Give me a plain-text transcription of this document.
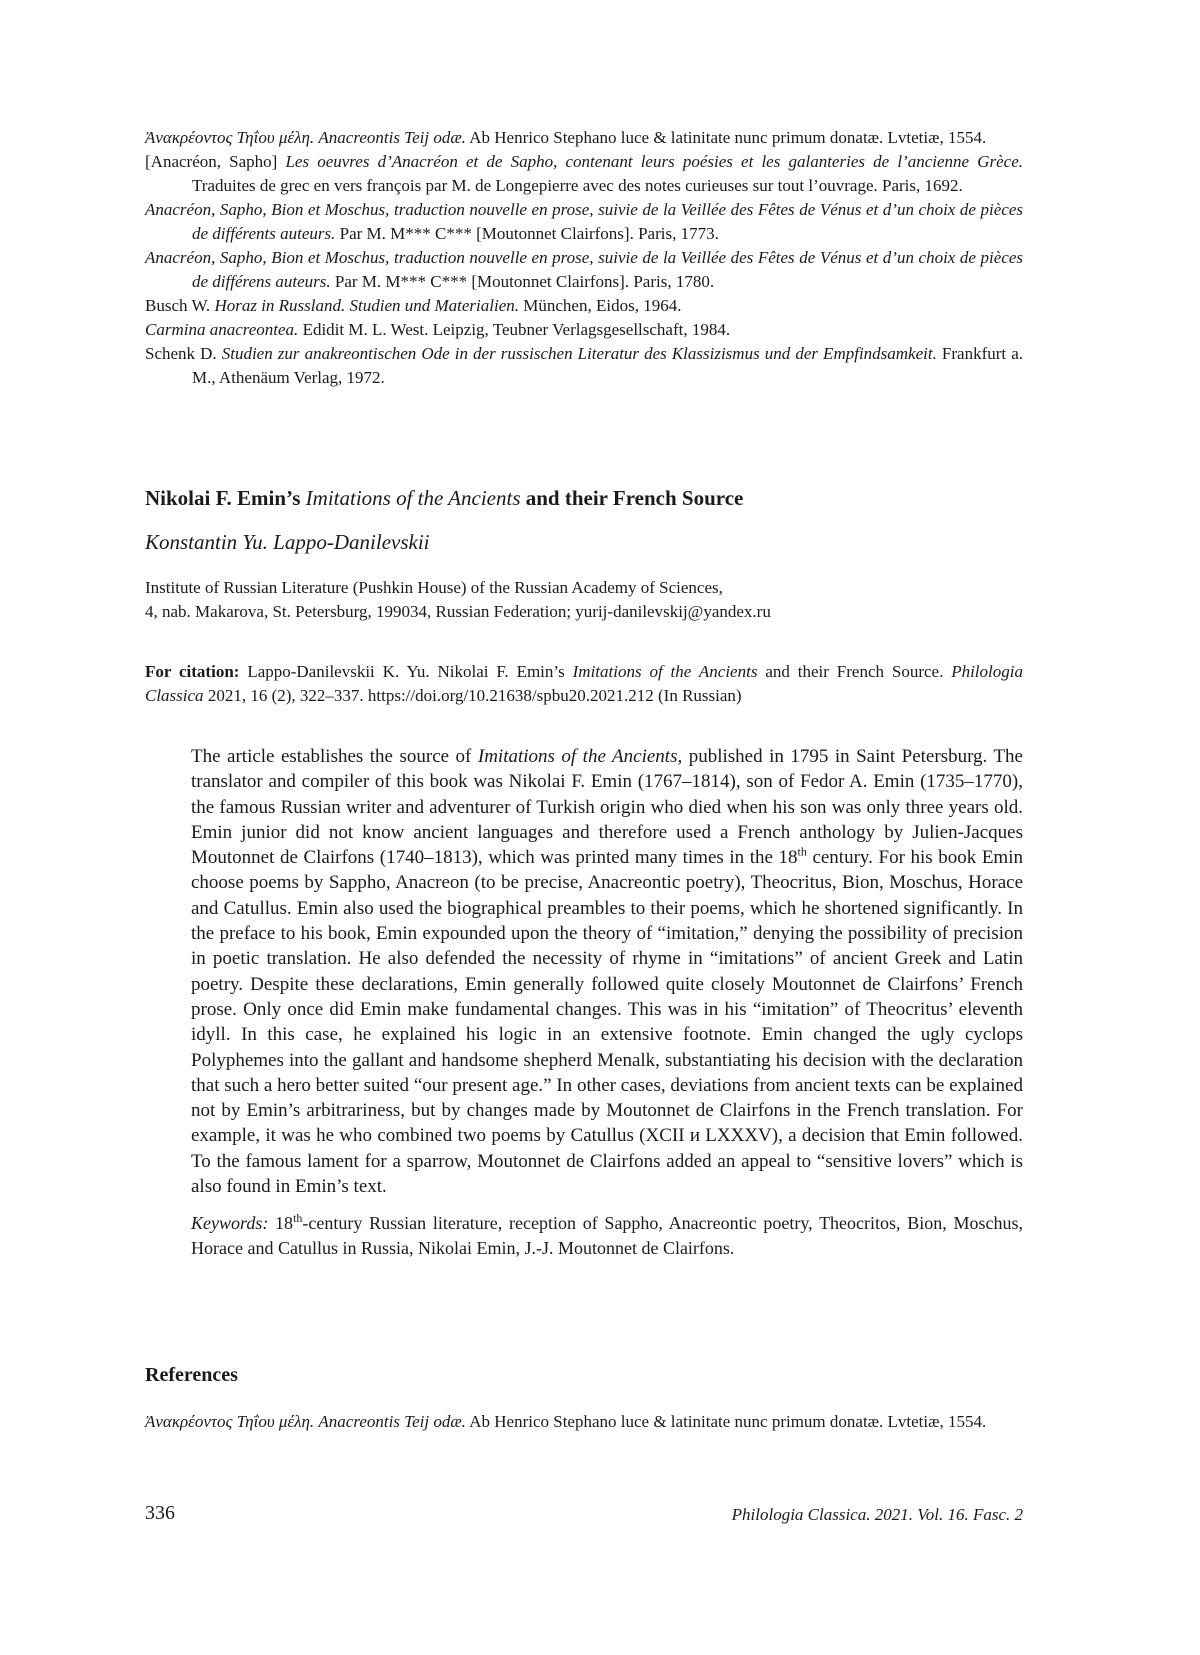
Ἀνακρέοντος Τηΐου μέλη. Anacreontis Teij odæ. Ab Henrico Stephano luce & latinitate nunc primum donatæ. Lvtetiæ, 1554.

[Anacréon, Sapho] Les oeuvres d’Anacréon et de Sapho, contenant leurs poésies et les galanteries de l’ancienne Grèce. Traduites de grec en vers françois par M. de Longepierre avec des notes curieuses sur tout l’ouvrage. Paris, 1692.

Anacréon, Sapho, Bion et Moschus, traduction nouvelle en prose, suivie de la Veillée des Fêtes de Vénus et d’un choix de pièces de différents auteurs. Par M. M*** C*** [Moutonnet Clairfons]. Paris, 1773.

Anacréon, Sapho, Bion et Moschus, traduction nouvelle en prose, suivie de la Veillée des Fêtes de Vénus et d’un choix de pièces de différens auteurs. Par M. M*** C*** [Moutonnet Clairfons]. Paris, 1780.

Busch W. Horaz in Russland. Studien und Materialien. München, Eidos, 1964.

Carmina anacreontea. Edidit M. L. West. Leipzig, Teubner Verlagsgesellschaft, 1984.

Schenk D. Studien zur anakreontischen Ode in der russischen Literatur des Klassizismus und der Empfindsamkeit. Frankfurt a. M., Athenäum Verlag, 1972.

Nikolai F. Emin’s Imitations of the Ancients and their French Source

Konstantin Yu. Lappo-Danilevskii

Institute of Russian Literature (Pushkin House) of the Russian Academy of Sciences,
4, nab. Makarova, St. Petersburg, 199034, Russian Federation; yurij-danilevskij@yandex.ru

For citation: Lappo-Danilevskii K. Yu. Nikolai F. Emin’s Imitations of the Ancients and their French Source. Philologia Classica 2021, 16 (2), 322–337. https://doi.org/10.21638/spbu20.2021.212 (In Russian)

The article establishes the source of Imitations of the Ancients, published in 1795 in Saint Petersburg. The translator and compiler of this book was Nikolai F. Emin (1767–1814), son of Fedor A. Emin (1735–1770), the famous Russian writer and adventurer of Turkish origin who died when his son was only three years old. Emin junior did not know ancient languages and therefore used a French anthology by Julien-Jacques Moutonnet de Clairfons (1740–1813), which was printed many times in the 18th century. For his book Emin choose poems by Sappho, Anacreon (to be precise, Anacreontic poetry), Theocritus, Bion, Moschus, Horace and Catullus. Emin also used the biographical preambles to their poems, which he shortened significantly. In the preface to his book, Emin expounded upon the theory of “imitation,” denying the possibility of precision in poetic translation. He also defended the necessity of rhyme in “imitations” of ancient Greek and Latin poetry. Despite these declarations, Emin generally followed quite closely Moutonnet de Clairfons’ French prose. Only once did Emin make fundamental changes. This was in his “imitation” of Theocritus’ eleventh idyll. In this case, he explained his logic in an extensive footnote. Emin changed the ugly cyclops Polyphemes into the gallant and handsome shepherd Menalk, substantiating his decision with the declaration that such a hero better suited “our present age.” In other cases, deviations from ancient texts can be explained not by Emin’s arbitrariness, but by changes made by Moutonnet de Clairfons in the French translation. For example, it was he who combined two poems by Catullus (XCII и LXXXV), a decision that Emin followed. To the famous lament for a sparrow, Moutonnet de Clairfons added an appeal to “sensitive lovers” which is also found in Emin’s text.

Keywords: 18th-century Russian literature, reception of Sappho, Anacreontic poetry, Theocritos, Bion, Moschus, Horace and Catullus in Russia, Nikolai Emin, J.-J. Moutonnet de Clairfons.

References

Ἀνακρέοντος Τηΐου μέλη. Anacreontis Teij odæ. Ab Henrico Stephano luce & latinitate nunc primum donatæ. Lvtetiæ, 1554.

336	Philologia Classica. 2021. Vol. 16. Fasc. 2
